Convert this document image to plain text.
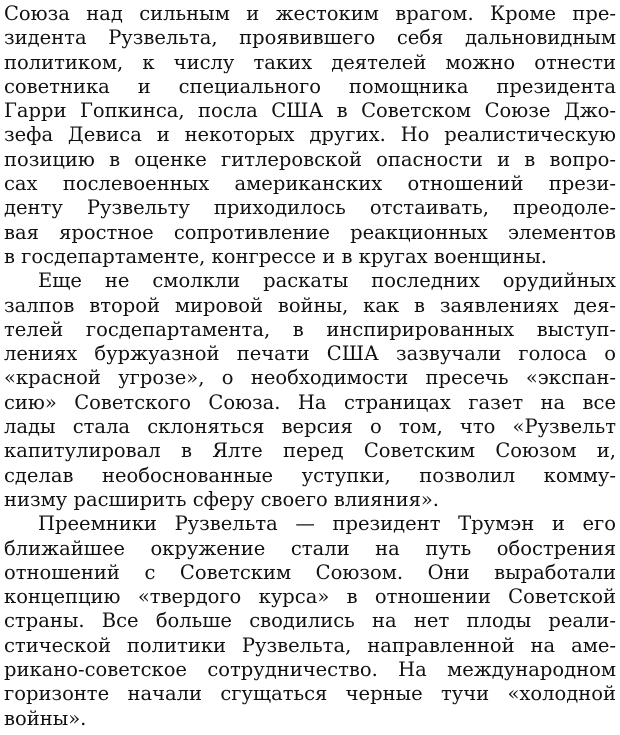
Союза над сильным и жестоким врагом. Кроме пре-
зидента Рузвельта, проявившего себя дальновидным
политиком, к числу таких деятелей можно отнести
советника и специального помощника президента
Гарри Гопкинса, посла США в Советском Союзе Джо-
зефа Девиса и некоторых других. Но реалистическую
позицию в оценке гитлеровской опасности и в вопро-
сах послевоенных американских отношений прези-
денту Рузвельту приходилось отстаивать, преодоле-
вая яростное сопротивление реакционных элементов
в госдепартаменте, конгрессе и в кругах военщины.
Еще не смолкли раскаты последних орудийных
залпов второй мировой войны, как в заявлениях дея-
телей госдепартамента, в инспирированных выступ-
лениях буржуазной печати США зазвучали голоса о
«красной угрозе», о необходимости пресечь «экспан-
сию» Советского Союза. На страницах газет на все
лады стала склоняться версия о том, что «Рузвельт
капитулировал в Ялте перед Советским Союзом и,
сделав необоснованные уступки, позволил комму-
низму расширить сферу своего влияния».
Преемники Рузвельта — президент Трумэн и его
ближайшее окружение стали на путь обострения
отношений с Советским Союзом. Они выработали
концепцию «твердого курса» в отношении Советской
страны. Все больше сводились на нет плоды реали-
стической политики Рузвельта, направленной на аме-
рикано-советское сотрудничество. На международном
горизонте начали сгущаться черные тучи «холодной
войны».
